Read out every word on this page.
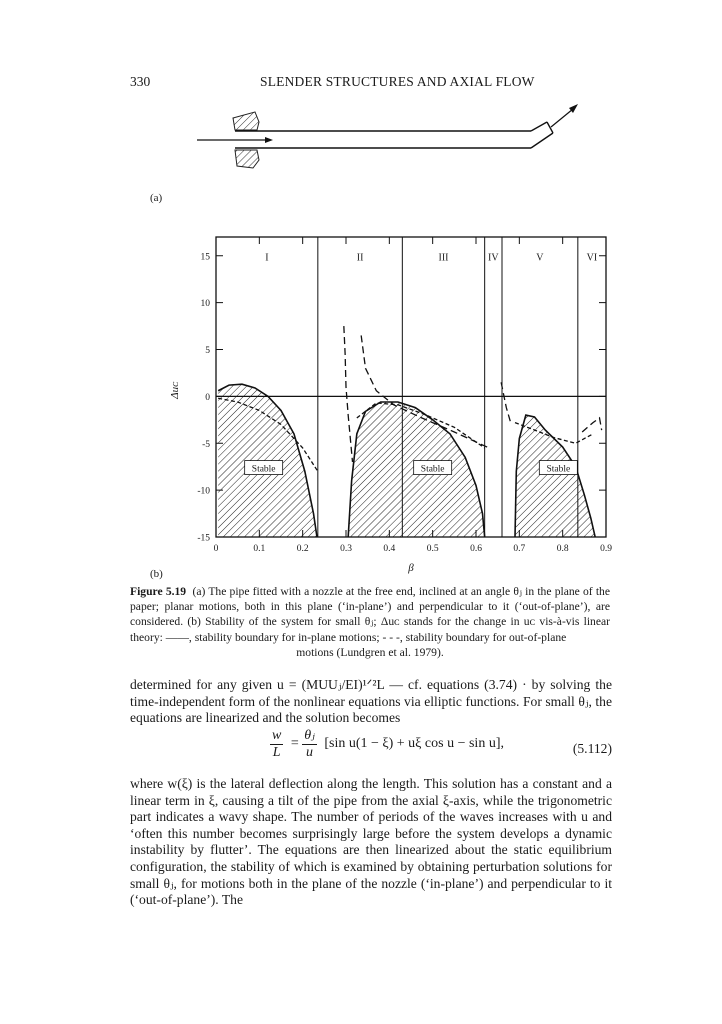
330	SLENDER STRUCTURES AND AXIAL FLOW
(a)
0	0.1	0.2	0.3	0.4	0.5	0.6	0.7	0.8	0.9
15
10
5
0
-5
-10
-15
β
Δuᴄ
I	II	III	IV	V	VI
Stable	Stable	Stable
(b)
Figure 5.19 (a) The pipe fitted with a nozzle at the free end, inclined at an angle θⱼ in the plane of the paper; planar motions, both in this plane (‘in-plane’) and perpendicular to it (‘out-of-plane’), are considered. (b) Stability of the system for small θⱼ; Δuᴄ stands for the change in uᴄ vis-à-vis linear theory: ——, stability boundary for in-plane motions; - - -, stability boundary for out-of-plane
motions (Lundgren et al. 1979).
determined for any given u = (MUUⱼ/EI)¹ᐟ²L — cf. equations (3.74) · by solving the time-independent form of the nonlinear equations via elliptic functions. For small θⱼ, the equations are linearized and the solution becomes
$\frac{w}{L} = \frac{\text{θⱼ}}{u} [\sin$ u(1 − ξ) + uξ cos u − sin u],	(5.112)
where w(ξ) is the lateral deflection along the length. This solution has a constant and a linear term in ξ, causing a tilt of the pipe from the axial ξ-axis, while the trigonometric part indicates a wavy shape. The number of periods of the waves increases with u and ‘often this number becomes surprisingly large before the system develops a dynamic instability by flutter’. The equations are then linearized about the static equilibrium configuration, the stability of which is examined by obtaining perturbation solutions for small θⱼ, for motions both in the plane of the nozzle (‘in-plane’) and perpendicular to it (‘out-of-plane’). The
